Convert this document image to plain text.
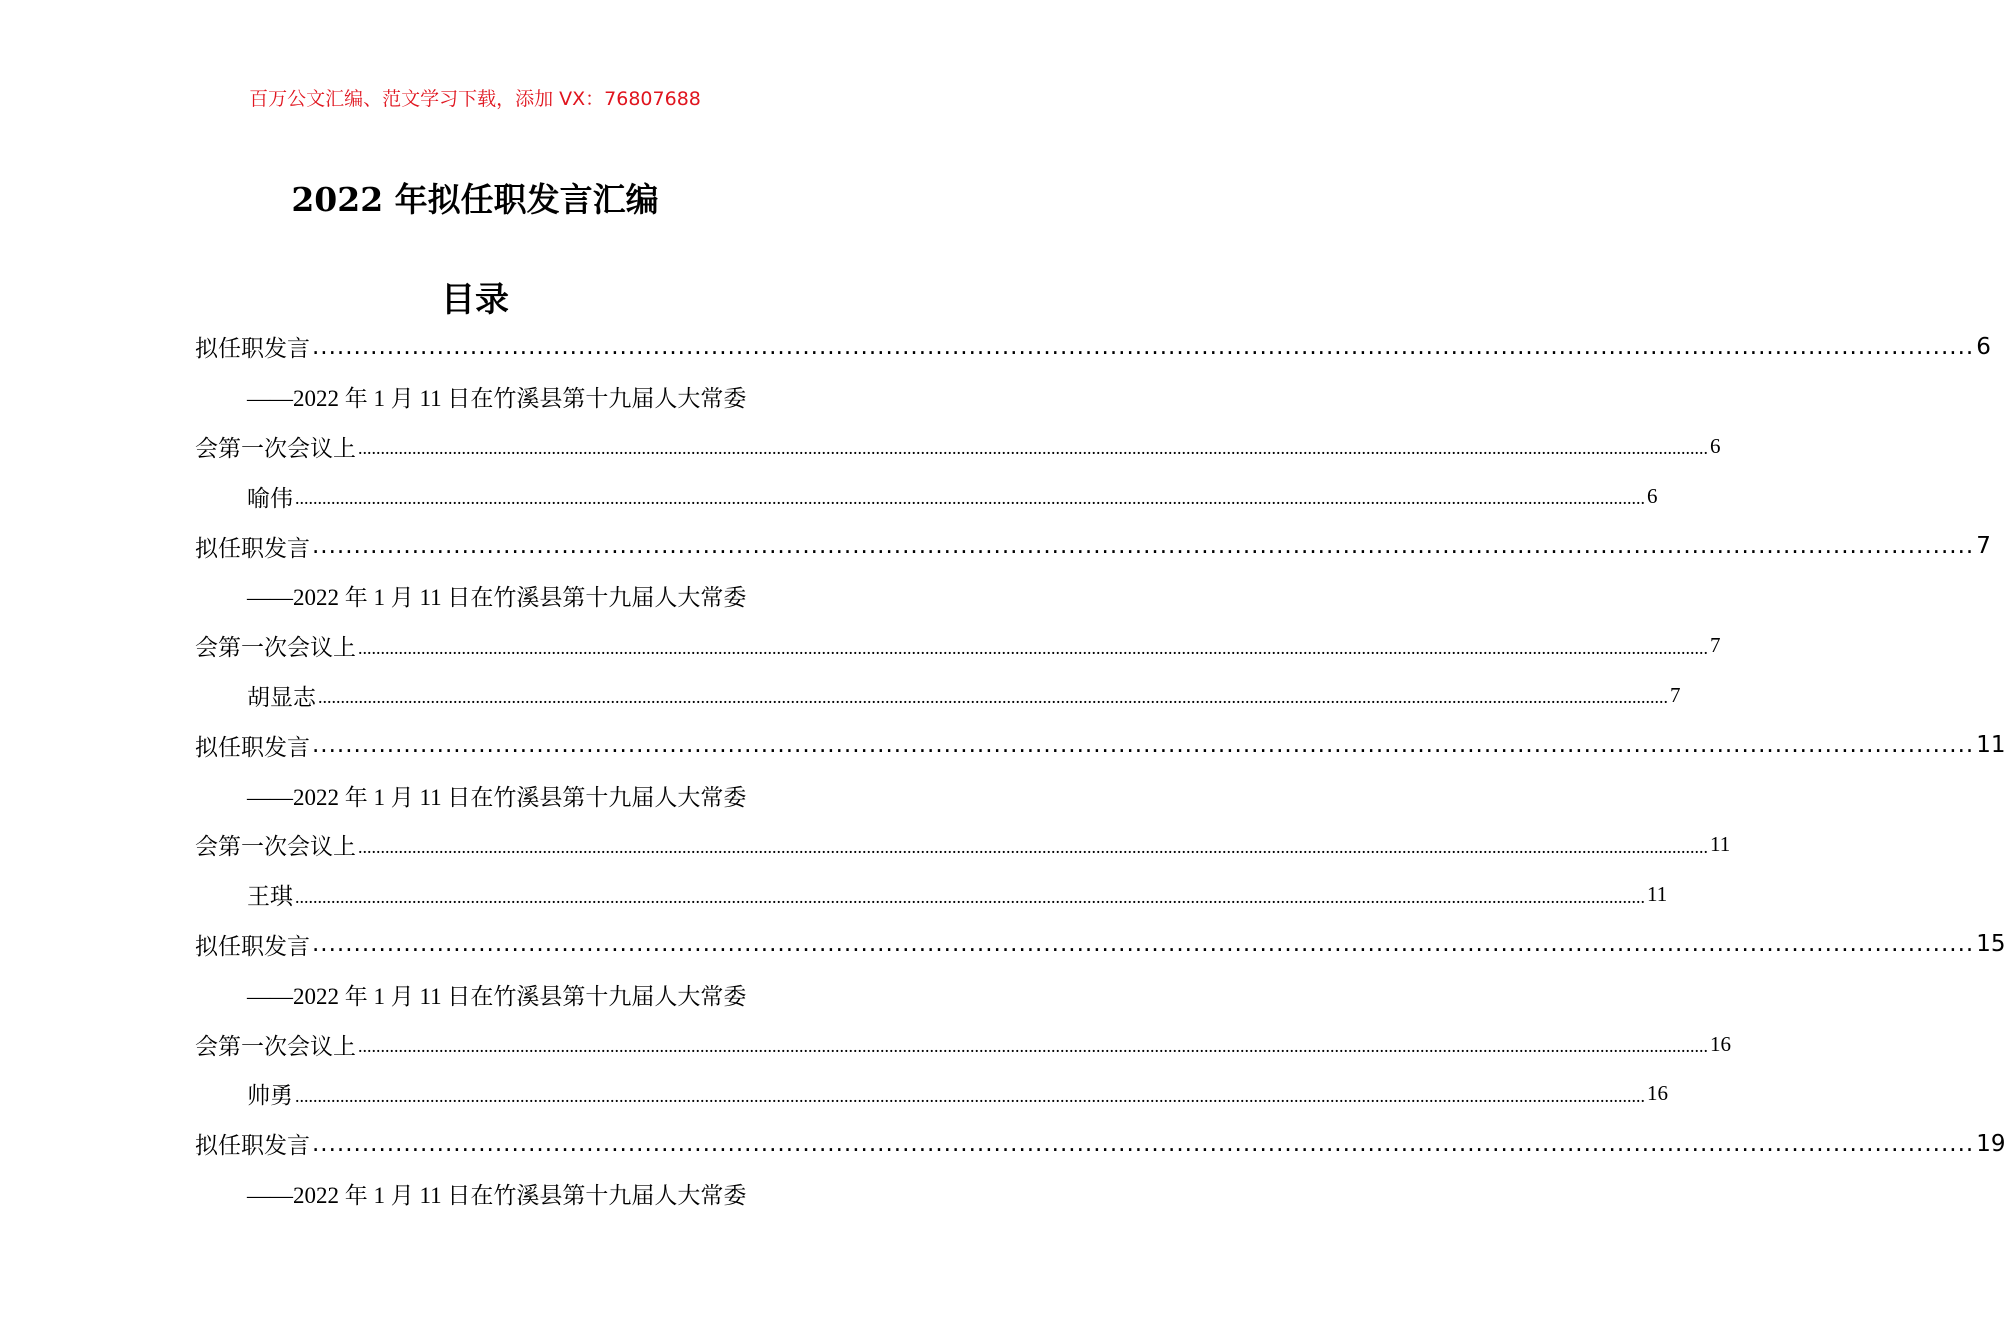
百万公文汇编、范文学习下载，添加 VX：76807688
2022 年拟任职发言汇编
目录
拟任职发言 ........................................................................................................................................................................................................ 6
——2022 年 1 月 11 日在竹溪县第十九届人大常委
会第一次会议上 ............................................................................................................................................................................................................................................................................................................ 6
喻伟 ............................................................................................................................................................................................................................................................................................................ 6
拟任职发言 ........................................................................................................................................................................................................ 7
——2022 年 1 月 11 日在竹溪县第十九届人大常委
会第一次会议上 ............................................................................................................................................................................................................................................................................................................ 7
胡显志 ............................................................................................................................................................................................................................................................................................................ 7
拟任职发言 ........................................................................................................................................................................................................ 11
——2022 年 1 月 11 日在竹溪县第十九届人大常委
会第一次会议上 ............................................................................................................................................................................................................................................................................................................ 11
王琪 ............................................................................................................................................................................................................................................................................................................ 11
拟任职发言 ........................................................................................................................................................................................................ 15
——2022 年 1 月 11 日在竹溪县第十九届人大常委
会第一次会议上 ............................................................................................................................................................................................................................................................................................................ 16
帅勇 ............................................................................................................................................................................................................................................................................................................ 16
拟任职发言 ........................................................................................................................................................................................................ 19
——2022 年 1 月 11 日在竹溪县第十九届人大常委
